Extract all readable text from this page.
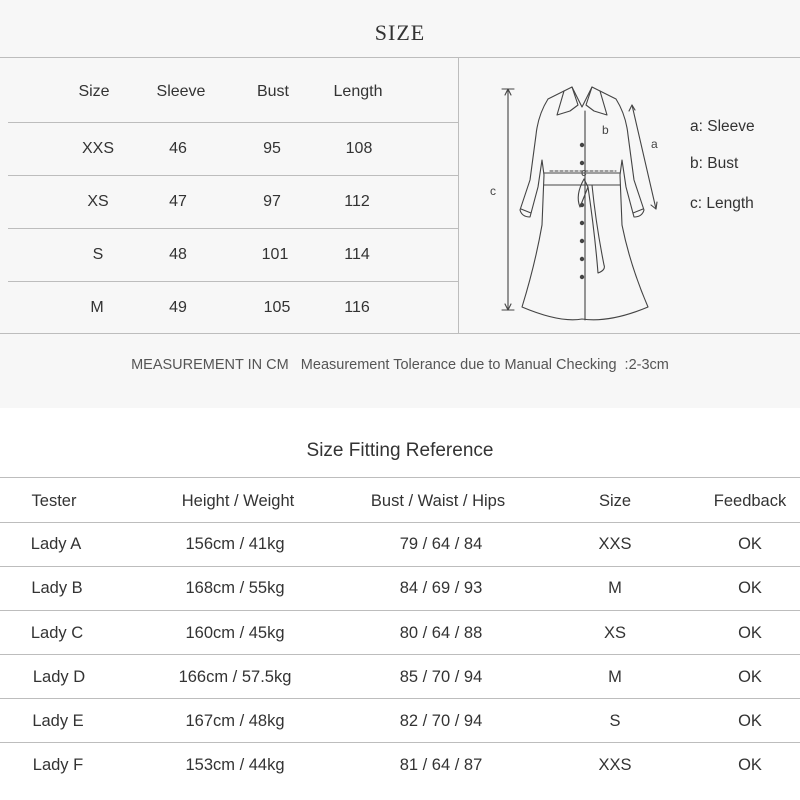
SIZE
Size	Sleeve	Bust	Length
XXS	46	95	108
XS	47	97	112
S	48	101	114
M	49	105	116
c
c
b
a
a: Sleeve
b: Bust
c: Length
MEASUREMENT IN CM   Measurement Tolerance due to Manual Checking  :2-3cm
Size Fitting Reference
Tester	Height / Weight	Bust / Waist / Hips	Size	Feedback
Lady A	156cm / 41kg	79 / 64 / 84	XXS	OK
Lady B	168cm / 55kg	84 / 69 / 93	M	OK
Lady C	160cm / 45kg	80 / 64 / 88	XS	OK
Lady D	166cm / 57.5kg	85 / 70 / 94	M	OK
Lady E	167cm / 48kg	82 / 70 / 94	S	OK
Lady F	153cm / 44kg	81 / 64 / 87	XXS	OK
